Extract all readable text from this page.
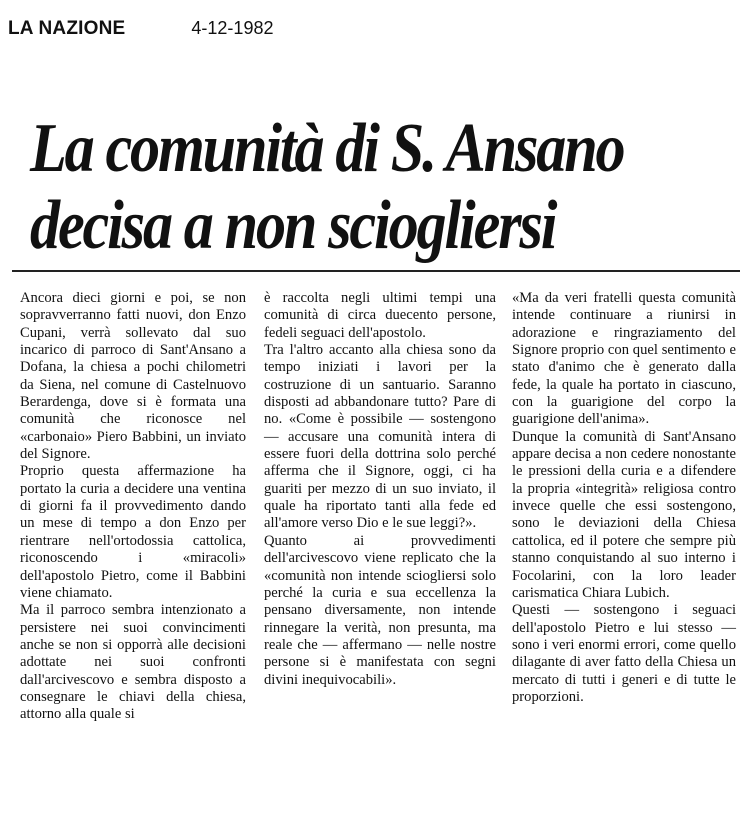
LA NAZIONE	4-12-1982
La comunità di S. Ansano
decisa a non sciogliersi

Ancora dieci giorni e poi, se non sopravverranno fatti nuovi, don Enzo Cupani, verrà sollevato dal suo incarico di parroco di Sant'Ansano a Dofana, la chiesa a pochi chilometri da Siena, nel comune di Castelnuovo Berardenga, dove si è formata una comunità che riconosce nel «carbonaio» Piero Babbini, un inviato del Signore.

Proprio questa affermazione ha portato la curia a decidere una ventina di giorni fa il provvedimento dando un mese di tempo a don Enzo per rientrare nell'ortodossia cattolica, riconoscendo i «miracoli» dell'apostolo Pietro, come il Babbini viene chiamato.

Ma il parroco sembra intenzionato a persistere nei suoi convincimenti anche se non si opporrà alle decisioni adottate nei suoi confronti dall'arcivescovo e sembra disposto a consegnare le chiavi della chiesa, attorno alla quale si

è raccolta negli ultimi tempi una comunità di circa duecento persone, fedeli seguaci dell'apostolo.

Tra l'altro accanto alla chiesa sono da tempo iniziati i lavori per la costruzione di un santuario. Saranno disposti ad abbandonare tutto? Pare di no. «Come è possibile — sostengono — accusare una comunità intera di essere fuori della dottrina solo perché afferma che il Signore, oggi, ci ha guariti per mezzo di un suo inviato, il quale ha riportato tanti alla fede ed all'amore verso Dio e le sue leggi?».

Quanto ai provvedimenti dell'arcivescovo viene replicato che la «comunità non intende sciogliersi solo perché la curia e sua eccellenza la pensano diversamente, non intende rinnegare la verità, non presunta, ma reale che — affermano — nelle nostre persone si è manifestata con segni divini inequivocabili».

«Ma da veri fratelli questa comunità intende continuare a riunirsi in adorazione e ringraziamento del Signore proprio con quel sentimento e stato d'animo che è generato dalla fede, la quale ha portato in ciascuno, con la guarigione del corpo la guarigione dell'anima».

Dunque la comunità di Sant'Ansano appare decisa a non cedere nonostante le pressioni della curia e a difendere la propria «integrità» religiosa contro invece quelle che essi sostengono, sono le deviazioni della Chiesa cattolica, ed il potere che sempre più stanno conquistando al suo interno i Focolarini, con la loro leader carismatica Chiara Lubich.

Questi — sostengono i seguaci dell'apostolo Pietro e lui stesso — sono i veri enormi errori, come quello dilagante di aver fatto della Chiesa un mercato di tutti i generi e di tutte le proporzioni.
